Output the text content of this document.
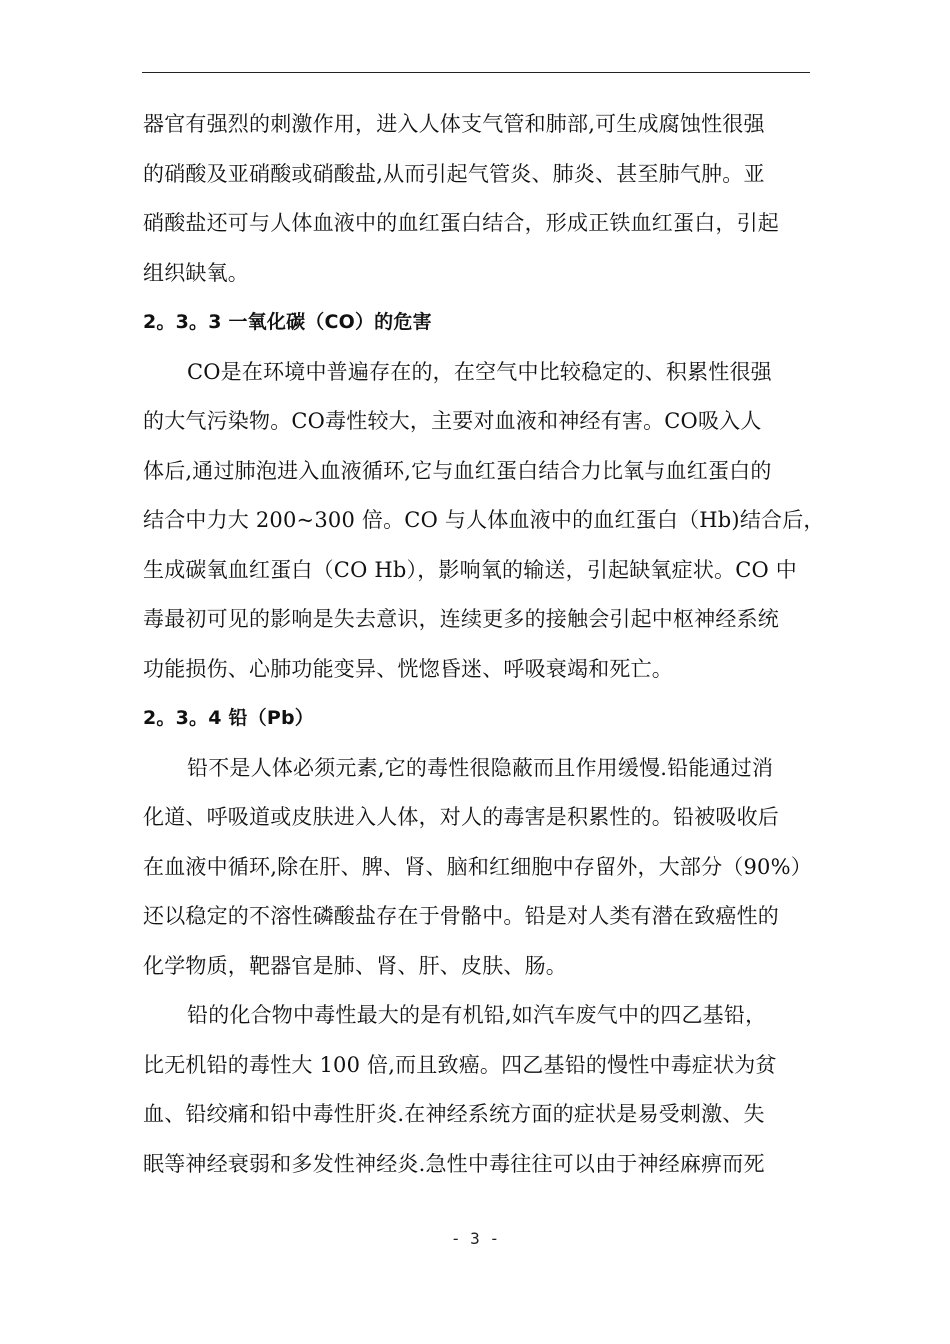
器官有强烈的刺激作用，进入人体支气管和肺部,可生成腐蚀性很强
的硝酸及亚硝酸或硝酸盐,从而引起气管炎、肺炎、甚至肺气肿。亚
硝酸盐还可与人体血液中的血红蛋白结合，形成正铁血红蛋白，引起
组织缺氧。
2。3。3 一氧化碳（CO）的危害
CO是在环境中普遍存在的，在空气中比较稳定的、积累性很强
的大气污染物。CO毒性较大，主要对血液和神经有害。CO吸入人
体后,通过肺泡进入血液循环,它与血红蛋白结合力比氧与血红蛋白的
结合中力大 200~300 倍。CO 与人体血液中的血红蛋白（Hb)结合后，
生成碳氧血红蛋白（CO Hb），影响氧的输送，引起缺氧症状。CO 中
毒最初可见的影响是失去意识，连续更多的接触会引起中枢神经系统
功能损伤、心肺功能变异、恍惚昏迷、呼吸衰竭和死亡。
2。3。4 铅（Pb）
铅不是人体必须元素,它的毒性很隐蔽而且作用缓慢.铅能通过消
化道、呼吸道或皮肤进入人体，对人的毒害是积累性的。铅被吸收后
在血液中循环,除在肝、脾、肾、脑和红细胞中存留外，大部分（90%）
还以稳定的不溶性磷酸盐存在于骨骼中。铅是对人类有潜在致癌性的
化学物质，靶器官是肺、肾、肝、皮肤、肠。
铅的化合物中毒性最大的是有机铅,如汽车废气中的四乙基铅，
比无机铅的毒性大 100 倍,而且致癌。四乙基铅的慢性中毒症状为贫
血、铅绞痛和铅中毒性肝炎.在神经系统方面的症状是易受刺激、失
眠等神经衰弱和多发性神经炎.急性中毒往往可以由于神经麻痹而死
- 3 -
